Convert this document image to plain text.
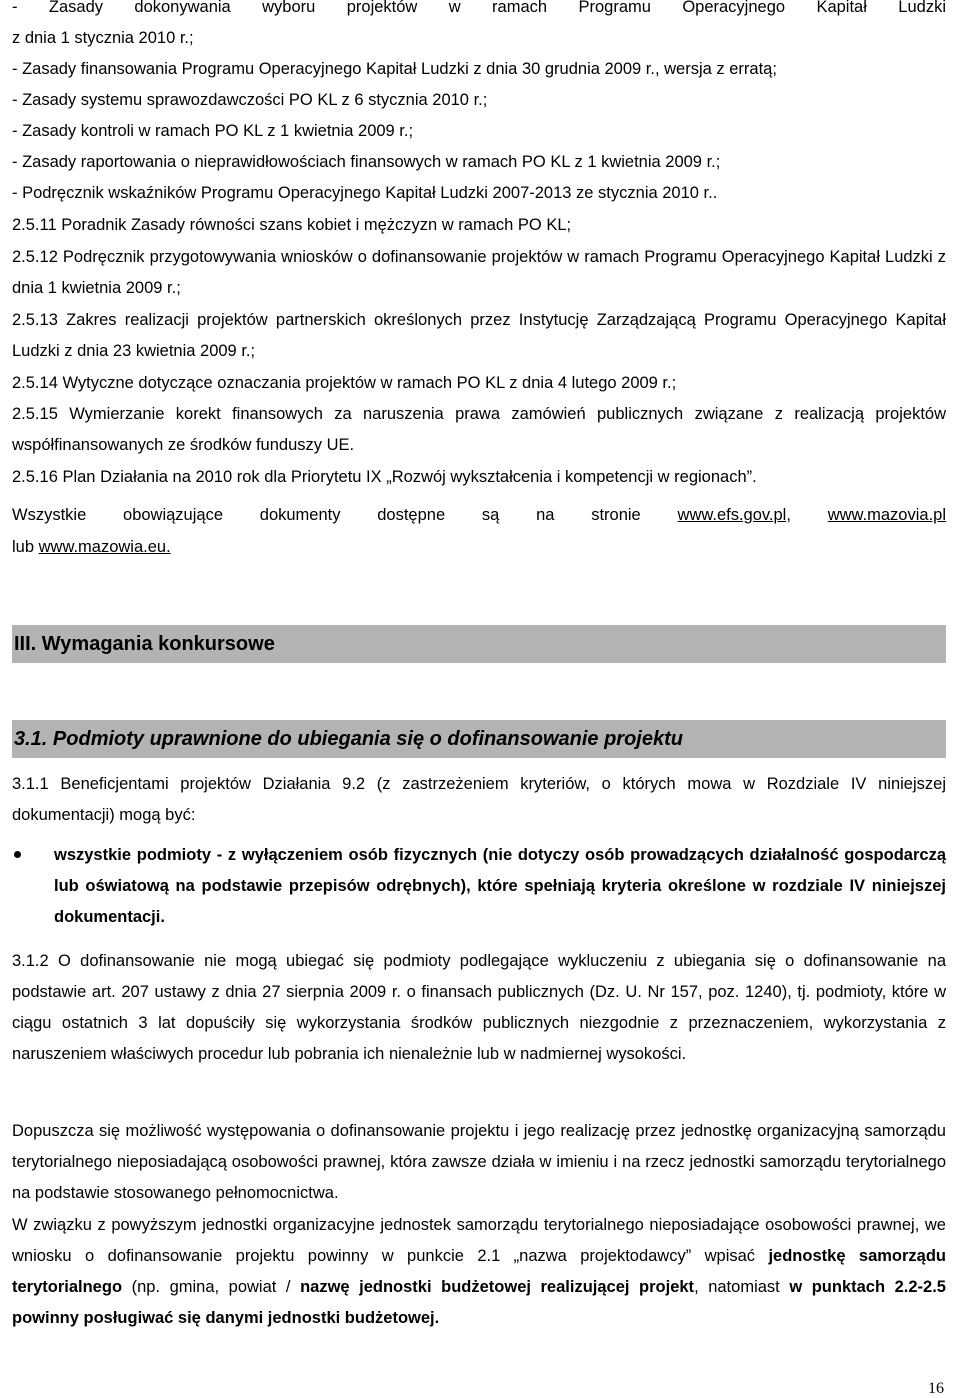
- Zasady dokonywania wyboru projektów w ramach Programu Operacyjnego Kapitał Ludzki
z dnia 1 stycznia 2010 r.;
- Zasady finansowania Programu Operacyjnego Kapitał Ludzki z dnia 30 grudnia 2009 r., wersja z erratą;
- Zasady systemu sprawozdawczości PO KL z 6 stycznia 2010 r.;
- Zasady kontroli w ramach PO KL z 1 kwietnia 2009 r.;
- Zasady raportowania o nieprawidłowościach finansowych w ramach PO KL z 1 kwietnia 2009 r.;
- Podręcznik wskaźników Programu Operacyjnego Kapitał Ludzki 2007-2013 ze stycznia 2010 r..
2.5.11 Poradnik Zasady równości szans kobiet i mężczyzn w ramach PO KL;
2.5.12 Podręcznik przygotowywania wniosków o dofinansowanie projektów w ramach Programu Operacyjnego Kapitał Ludzki z dnia 1 kwietnia 2009 r.;
2.5.13 Zakres realizacji projektów partnerskich określonych przez Instytucję Zarządzającą Programu Operacyjnego Kapitał Ludzki z dnia 23 kwietnia 2009 r.;
2.5.14 Wytyczne dotyczące oznaczania projektów w ramach PO KL z dnia 4 lutego 2009 r.;
2.5.15 Wymierzanie korekt finansowych za naruszenia prawa zamówień publicznych związane z realizacją projektów współfinansowanych ze środków funduszy UE.
2.5.16 Plan Działania na 2010 rok dla Priorytetu IX „Rozwój wykształcenia i kompetencji w regionach”.
Wszystkie obowiązujące dokumenty dostępne są na stronie www.efs.gov.pl, www.mazovia.pl
lub www.mazowia.eu.
III. Wymagania konkursowe
3.1. Podmioty uprawnione do ubiegania się o dofinansowanie projektu
3.1.1 Beneficjentami projektów Działania 9.2 (z zastrzeżeniem kryteriów, o których mowa w Rozdziale IV niniejszej dokumentacji) mogą być:
wszystkie podmioty - z wyłączeniem osób fizycznych (nie dotyczy osób prowadzących działalność gospodarczą lub oświatową na podstawie przepisów odrębnych), które spełniają kryteria określone w rozdziale IV niniejszej dokumentacji.
3.1.2 O dofinansowanie nie mogą ubiegać się podmioty podlegające wykluczeniu z ubiegania się o dofinansowanie na podstawie art. 207 ustawy z dnia 27 sierpnia 2009 r. o finansach publicznych (Dz. U. Nr 157, poz. 1240), tj. podmioty, które w ciągu ostatnich 3 lat dopuściły się wykorzystania środków publicznych niezgodnie z przeznaczeniem, wykorzystania z naruszeniem właściwych procedur lub pobrania ich nienależnie lub w nadmiernej wysokości.
Dopuszcza się możliwość występowania o dofinansowanie projektu i jego realizację przez jednostkę organizacyjną samorządu terytorialnego nieposiadającą osobowości prawnej, która zawsze działa w imieniu i na rzecz jednostki samorządu terytorialnego na podstawie stosowanego pełnomocnictwa.
W związku z powyższym jednostki organizacyjne jednostek samorządu terytorialnego nieposiadające osobowości prawnej, we wniosku o dofinansowanie projektu powinny w punkcie 2.1 „nazwa projektodawcy” wpisać jednostkę samorządu terytorialnego (np. gmina, powiat / nazwę jednostki budżetowej realizującej projekt, natomiast w punktach 2.2-2.5 powinny posługiwać się danymi jednostki budżetowej.
16
